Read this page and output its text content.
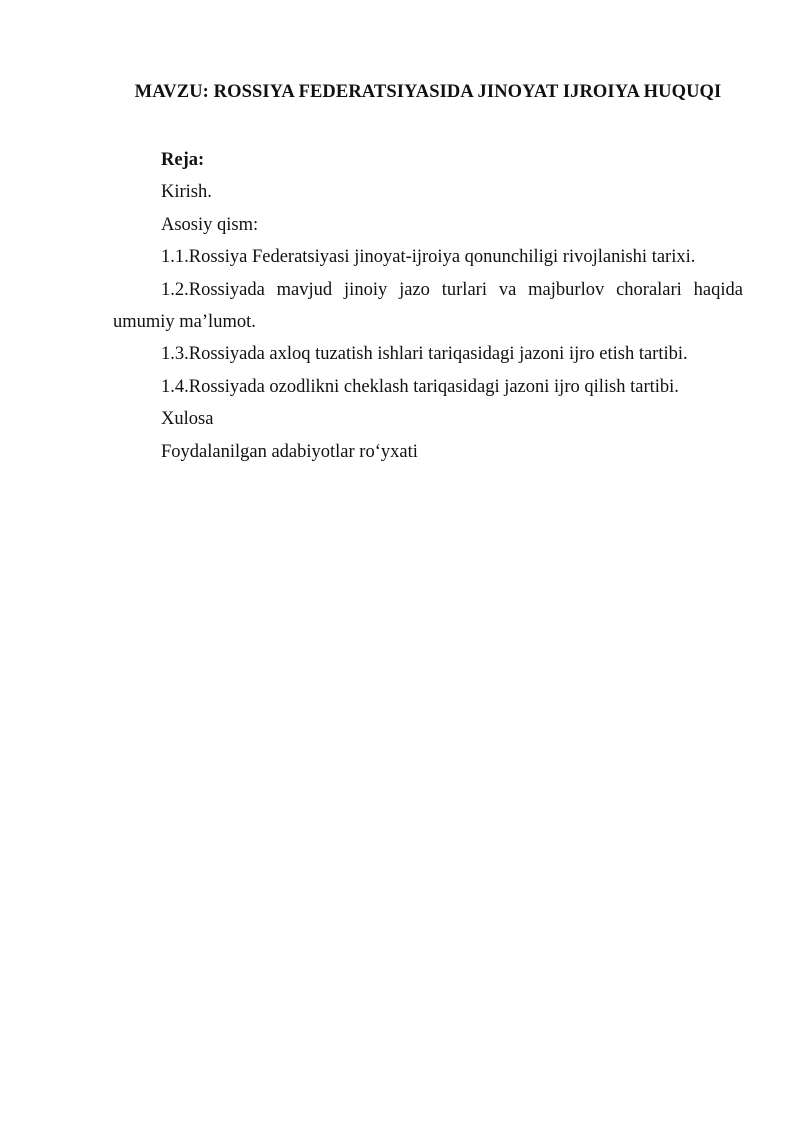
MAVZU: ROSSIYA FEDERATSIYASIDA JINOYAT IJROIYA HUQUQI

Reja:

Kirish.

Asosiy qism:

1.1.Rossiya Federatsiyasi jinoyat-ijroiya qonunchiligi rivojlanishi tarixi.

1.2.Rossiyada mavjud jinoiy jazo turlari va majburlov choralari haqida umumiy ma’lumot.

1.3.Rossiyada axloq tuzatish ishlari tariqasidagi jazoni ijro etish tartibi.

1.4.Rossiyada ozodlikni cheklash tariqasidagi jazoni ijro qilish tartibi.

Xulosa

Foydalanilgan adabiyotlar ro‘yxati
